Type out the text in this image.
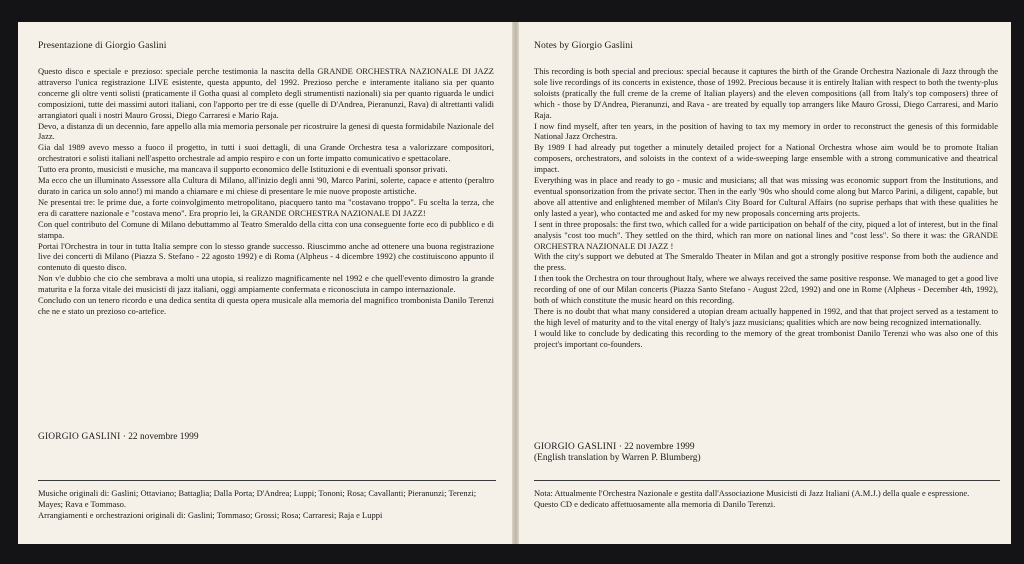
Presentazione di Giorgio Gaslini

Questo disco e speciale e prezioso: speciale perche testimonia la nascita della GRANDE ORCHESTRA NAZIONALE DI JAZZ attraverso l'unica registrazione LIVE esistente, questa appunto, del 1992. Prezioso perche e interamente italiano sia per quanto concerne gli oltre venti solisti (praticamente il Gotha quasi al completo degli strumentisti nazionali) sia per quanto riguarda le undici composizioni, tutte dei massimi autori italiani, con l'apporto per tre di esse (quelle di D'Andrea, Pieranunzi, Rava) di altrettanti validi arrangiatori quali i nostri Mauro Grossi, Diego Carraresi e Mario Raja.

Devo, a distanza di un decennio, fare appello alla mia memoria personale per ricostruire la genesi di questa formidabile Nazionale del Jazz.

Gia dal 1989 avevo messo a fuoco il progetto, in tutti i suoi dettagli, di una Grande Orchestra tesa a valorizzare compositori, orchestratori e solisti italiani nell'aspetto orchestrale ad ampio respiro e con un forte impatto comunicativo e spettacolare.

Tutto era pronto, musicisti e musiche, ma mancava il supporto economico delle Istituzioni e di eventuali sponsor privati.

Ma ecco che un illuminato Assessore alla Cultura di Milano, all'inizio degli anni '90, Marco Parini, solerte, capace e attento (peraltro durato in carica un solo anno!) mi mando a chiamare e mi chiese di presentare le mie nuove proposte artistiche.

Ne presentai tre: le prime due, a forte coinvolgimento metropolitano, piacquero tanto ma "costavano troppo". Fu scelta la terza, che era di carattere nazionale e "costava meno". Era proprio lei, la GRANDE ORCHESTRA NAZIONALE DI JAZZ!

Con quel contributo del Comune di Milano debuttammo al Teatro Smeraldo della citta con una conseguente forte eco di pubblico e di stampa.

Portai l'Orchestra in tour in tutta Italia sempre con lo stesso grande successo. Riuscimmo anche ad ottenere una buona registrazione live dei concerti di Milano (Piazza S. Stefano - 22 agosto 1992) e di Roma (Alpheus - 4 dicembre 1992) che costituiscono appunto il contenuto di questo disco.

Non v'e dubbio che cio che sembrava a molti una utopia, si realizzo magnificamente nel 1992 e che quell'evento dimostro la grande maturita e la forza vitale dei musicisti di jazz italiani, oggi ampiamente confermata e riconosciuta in campo internazionale.

Concludo con un tenero ricordo e una dedica sentita di questa opera musicale alla memoria del magnifico trombonista Danilo Terenzi che ne e stato un prezioso co-artefice.

GIORGIO GASLINI · 22 novembre 1999

Musiche originali di: Gaslini; Ottaviano; Battaglia; Dalla Porta; D'Andrea; Luppi; Tononi; Rosa; Cavallanti; Pieranunzi; Terenzi; Mayes; Rava e Tommaso.

Arrangiamenti e orchestrazioni originali di: Gaslini; Tommaso; Grossi; Rosa; Carraresi; Raja e Luppi

Notes by Giorgio Gaslini

This recording is both special and precious: special because it captures the birth of the Grande Orchestra Nazionale di Jazz through the sole live recordings of its concerts in existence, those of 1992. Precious because it is entirely Italian with respect to both the twenty-plus soloists (pratically the full creme de la creme of Italian players) and the eleven compositions (all from Italy's top composers) three of which - those by D'Andrea, Pieranunzi, and Rava - are treated by equally top arrangers like Mauro Grossi, Diego Carraresi, and Mario Raja.

I now find myself, after ten years, in the position of having to tax my memory in order to reconstruct the genesis of this formidable National Jazz Orchestra.

By 1989 I had already put together a minutely detailed project for a National Orchestra whose aim would be to promote Italian composers, orchestrators, and soloists in the context of a wide-sweeping large ensemble with a strong communicative and theatrical impact.

Everything was in place and ready to go - music and musicians; all that was missing was economic support from the Institutions, and eventual sponsorization from the private sector. Then in the early '90s who should come along but Marco Parini, a diligent, capable, but above all attentive and enlightened member of Milan's City Board for Cultural Affairs (no suprise perhaps that with these qualities he only lasted a year), who contacted me and asked for my new proposals concerning arts projects.

I sent in three proposals: the first two, which called for a wide participation on behalf of the city, piqued a lot of interest, but in the final analysis "cost too much". They settled on the third, which ran more on national lines and "cost less". So there it was: the GRANDE ORCHESTRA NAZIONALE DI JAZZ !

With the city's support we debuted at The Smeraldo Theater in Milan and got a strongly positive response from both the audience and the press.

I then took the Orchestra on tour throughout Italy, where we always received the same positive response. We managed to get a good live recording of one of our Milan concerts (Piazza Santo Stefano - August 22cd, 1992) and one in Rome (Alpheus - December 4th, 1992), both of which constitute the music heard on this recording.

There is no doubt that what many considered a utopian dream actually happened in 1992, and that that project served as a testament to the high level of maturity and to the vital energy of Italy's jazz musicians; qualities which are now being recognized internationally.

I would like to conclude by dedicating this recording to the memory of the great trombonist Danilo Terenzi who was also one of this project's important co-founders.

GIORGIO GASLINI · 22 novembre 1999
(English translation by Warren P. Blumberg)

Nota: Attualmente l'Orchestra Nazionale e gestita dall'Associazione Musicisti di Jazz Italiani (A.M.J.) della quale e espressione.

Questo CD e dedicato affettuosamente alla memoria di Danilo Terenzi.
